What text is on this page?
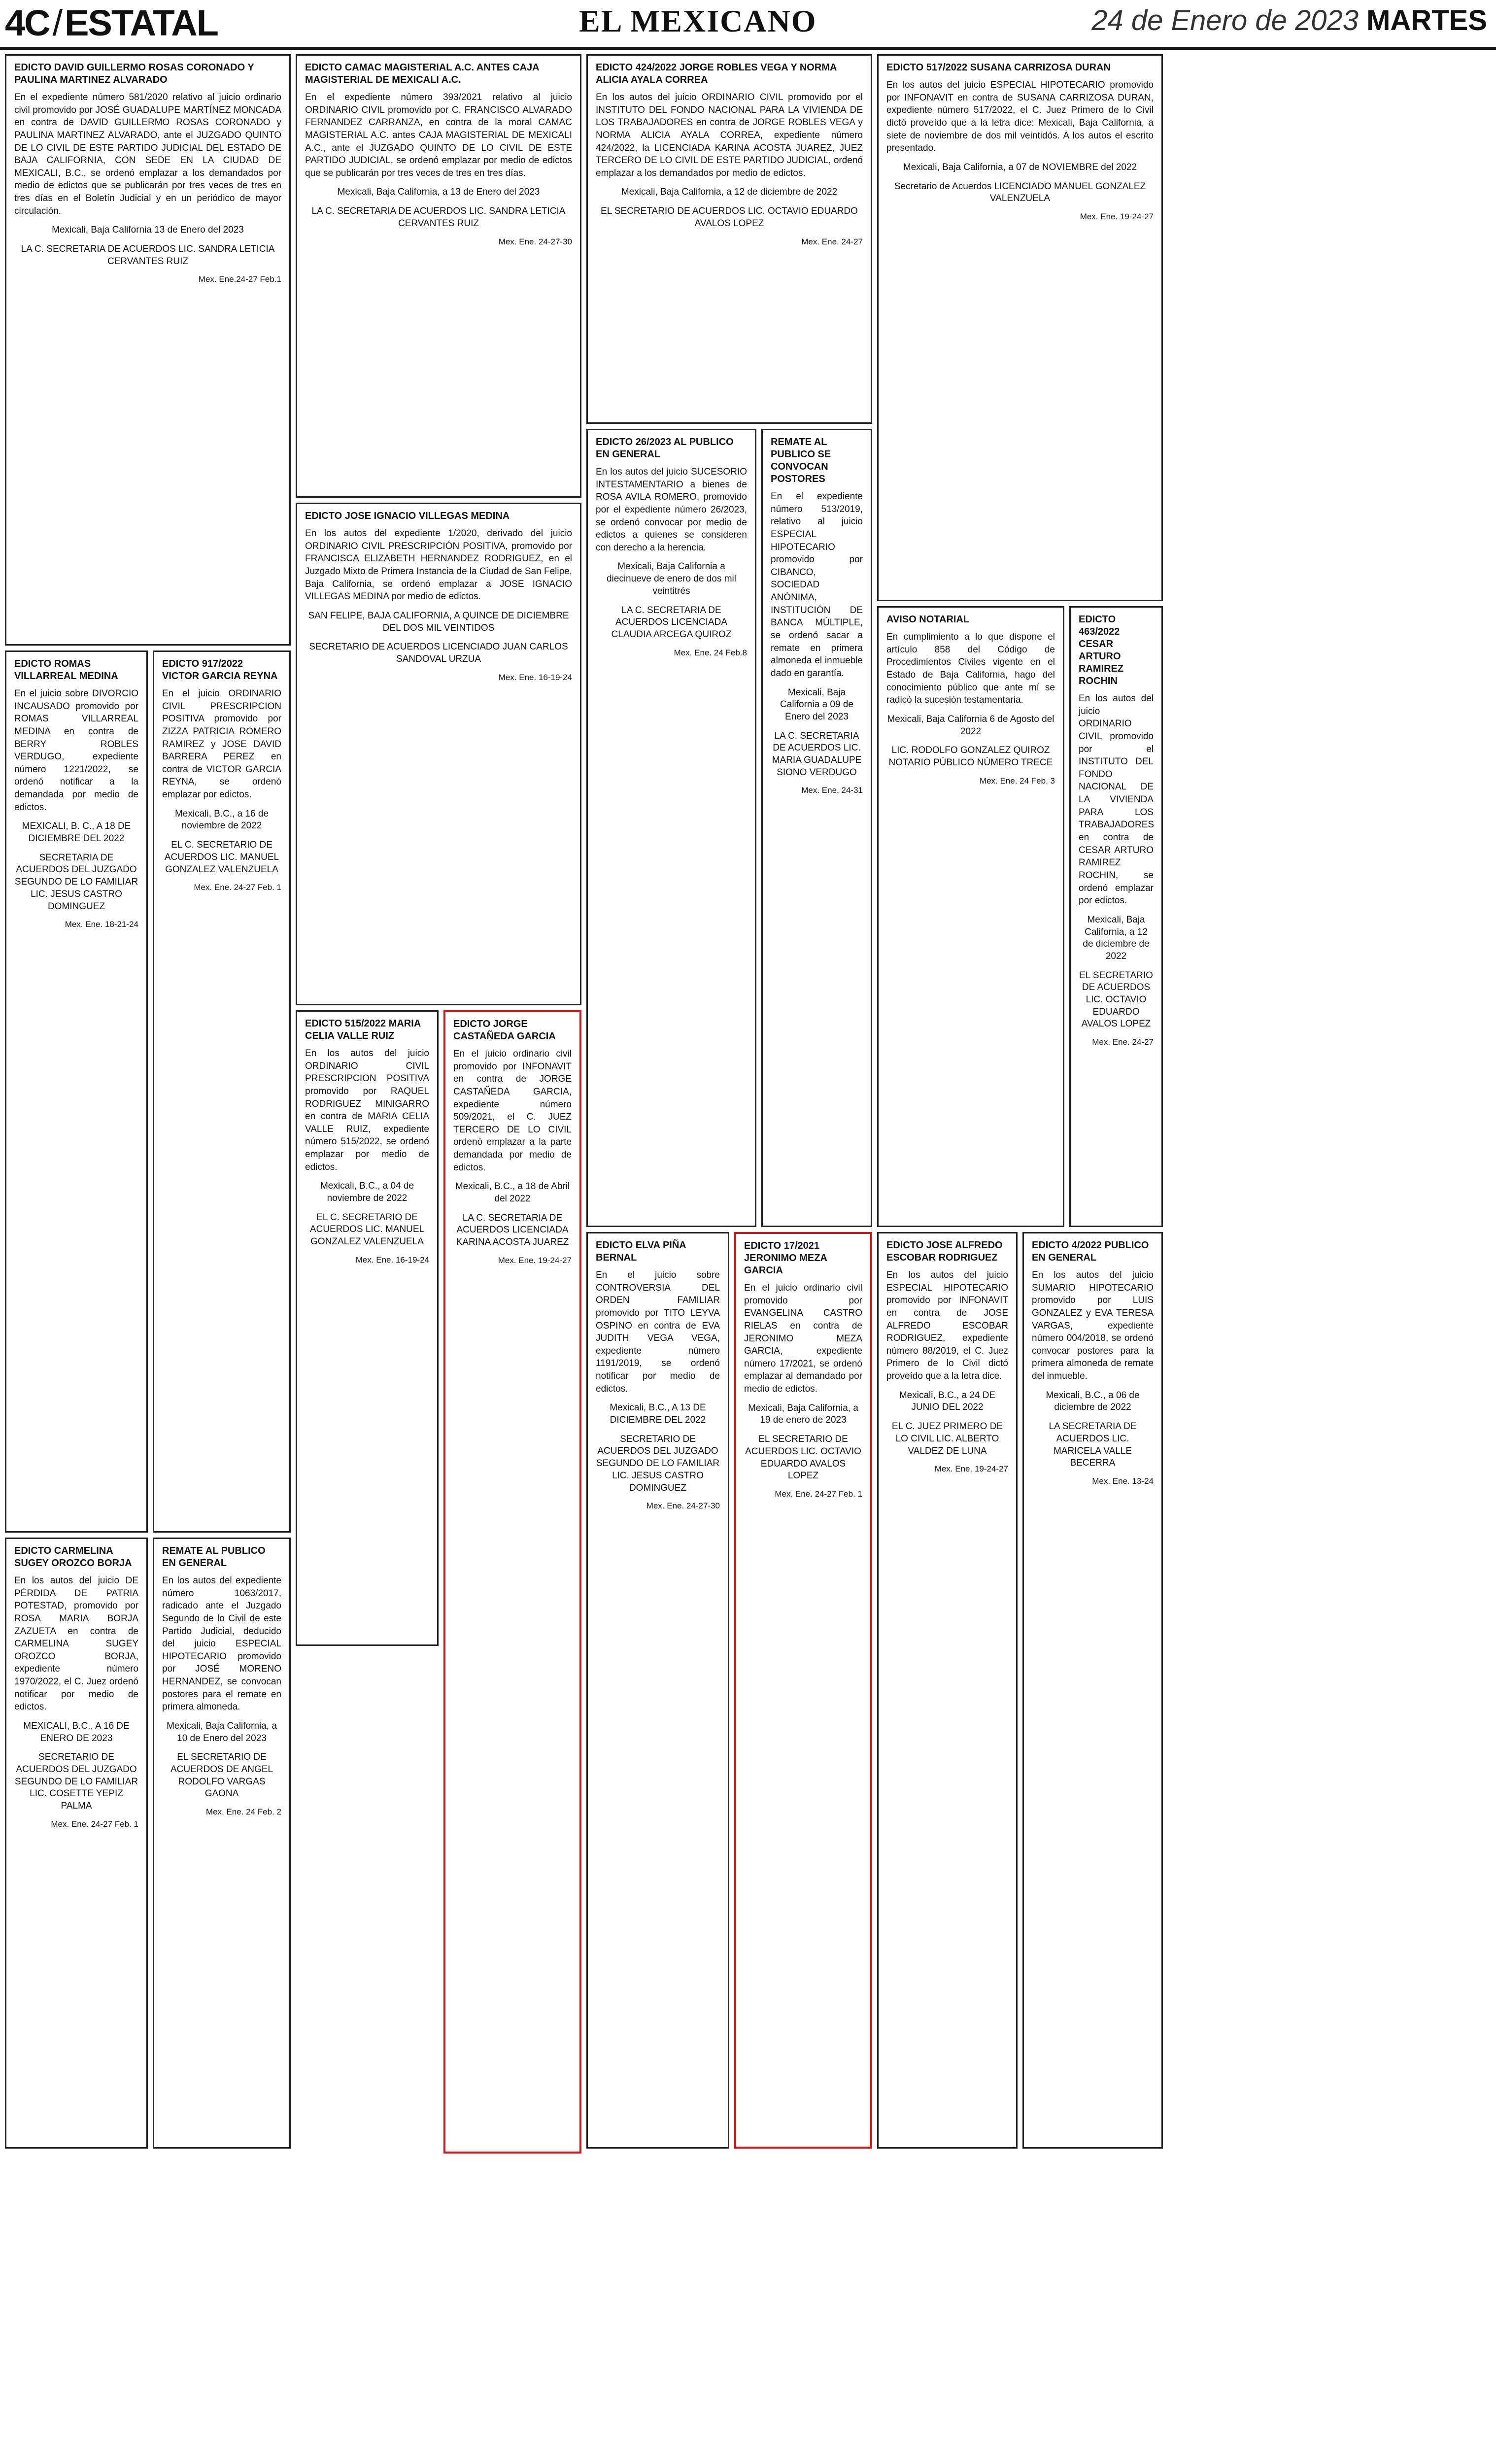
4C/ESTATAL	EL MEXICANO	24 de Enero de 2023 MARTES
EDICTO DAVID GUILLERMO ROSAS CORONADO Y PAULINA MARTINEZ ALVARADO
En el expediente número 581/2020 relativo al juicio ordinario civil promovido por JOSÉ GUADALUPE MARTÍNEZ MONCADA en contra de DAVID GUILLERMO ROSAS CORONADO y PAULINA MARTINEZ ALVARADO, ante el JUZGADO QUINTO DE LO CIVIL DE ESTE PARTIDO JUDICIAL DEL ESTADO DE BAJA CALIFORNIA, CON SEDE EN LA CIUDAD DE MEXICALI, B.C., se ordenó emplazar a los demandados por medio de edictos que se publicarán por tres veces de tres en tres días en el Boletín Judicial y en un periódico de mayor circulación.
Mexicali, Baja California 13 de Enero del 2023
LA C. SECRETARIA DE ACUERDOS LIC. SANDRA LETICIA CERVANTES RUIZ
Mex. Ene.24-27 Feb.1
EDICTO CAMAC MAGISTERIAL A.C. ANTES CAJA MAGISTERIAL DE MEXICALI A.C.
En el expediente número 393/2021 relativo al juicio ORDINARIO CIVIL promovido por C. FRANCISCO ALVARADO FERNANDEZ CARRANZA, en contra de la moral CAMAC MAGISTERIAL A.C. antes CAJA MAGISTERIAL DE MEXICALI A.C., ante el JUZGADO QUINTO DE LO CIVIL DE ESTE PARTIDO JUDICIAL, se ordenó emplazar por medio de edictos que se publicarán por tres veces de tres en tres días.
Mexicali, Baja California, a 13 de Enero del 2023
LA C. SECRETARIA DE ACUERDOS LIC. SANDRA LETICIA CERVANTES RUIZ
Mex. Ene. 24-27-30
EDICTO 424/2022 JORGE ROBLES VEGA Y NORMA ALICIA AYALA CORREA
En los autos del juicio ORDINARIO CIVIL promovido por el INSTITUTO DEL FONDO NACIONAL PARA LA VIVIENDA DE LOS TRABAJADORES en contra de JORGE ROBLES VEGA y NORMA ALICIA AYALA CORREA, expediente número 424/2022, la LICENCIADA KARINA ACOSTA JUAREZ, JUEZ TERCERO DE LO CIVIL DE ESTE PARTIDO JUDICIAL, ordenó emplazar a los demandados por medio de edictos.
Mexicali, Baja California, a 12 de diciembre de 2022
EL SECRETARIO DE ACUERDOS LIC. OCTAVIO EDUARDO AVALOS LOPEZ
Mex. Ene. 24-27
EDICTO 517/2022 SUSANA CARRIZOSA DURAN
En los autos del juicio ESPECIAL HIPOTECARIO promovido por INFONAVIT en contra de SUSANA CARRIZOSA DURAN, expediente número 517/2022, el C. Juez Primero de lo Civil dictó proveído que a la letra dice: Mexicali, Baja California, a siete de noviembre de dos mil veintidós. A los autos el escrito presentado.
Mexicali, Baja California, a 07 de NOVIEMBRE del 2022
Secretario de Acuerdos LICENCIADO MANUEL GONZALEZ VALENZUELA
Mex. Ene. 19-24-27
EDICTO JOSE IGNACIO VILLEGAS MEDINA
En los autos del expediente 1/2020, derivado del juicio ORDINARIO CIVIL PRESCRIPCIÓN POSITIVA, promovido por FRANCISCA ELIZABETH HERNANDEZ RODRIGUEZ, en el Juzgado Mixto de Primera Instancia de la Ciudad de San Felipe, Baja California, se ordenó emplazar a JOSE IGNACIO VILLEGAS MEDINA por medio de edictos.
SAN FELIPE, BAJA CALIFORNIA, A QUINCE DE DICIEMBRE DEL DOS MIL VEINTIDOS
SECRETARIO DE ACUERDOS LICENCIADO JUAN CARLOS SANDOVAL URZUA
Mex. Ene. 16-19-24
EDICTO 26/2023 AL PUBLICO EN GENERAL
En los autos del juicio SUCESORIO INTESTAMENTARIO a bienes de ROSA AVILA ROMERO, promovido por el expediente número 26/2023, se ordenó convocar por medio de edictos a quienes se consideren con derecho a la herencia.
Mexicali, Baja California a diecinueve de enero de dos mil veintitrés
LA C. SECRETARIA DE ACUERDOS LICENCIADA CLAUDIA ARCEGA QUIROZ
Mex. Ene. 24 Feb.8
REMATE AL PUBLICO SE CONVOCAN POSTORES
En el expediente número 513/2019, relativo al juicio ESPECIAL HIPOTECARIO promovido por CIBANCO, SOCIEDAD ANÓNIMA, INSTITUCIÓN DE BANCA MÚLTIPLE, se ordenó sacar a remate en primera almoneda el inmueble dado en garantía.
Mexicali, Baja California a 09 de Enero del 2023
LA C. SECRETARIA DE ACUERDOS LIC. MARIA GUADALUPE SIONO VERDUGO
Mex. Ene. 24-31
AVISO NOTARIAL
En cumplimiento a lo que dispone el artículo 858 del Código de Procedimientos Civiles vigente en el Estado de Baja California, hago del conocimiento público que ante mí se radicó la sucesión testamentaria.
Mexicali, Baja California 6 de Agosto del 2022
LIC. RODOLFO GONZALEZ QUIROZ NOTARIO PÚBLICO NÚMERO TRECE
Mex. Ene. 24 Feb. 3
EDICTO 463/2022 CESAR ARTURO RAMIREZ ROCHIN
En los autos del juicio ORDINARIO CIVIL promovido por el INSTITUTO DEL FONDO NACIONAL DE LA VIVIENDA PARA LOS TRABAJADORES en contra de CESAR ARTURO RAMIREZ ROCHIN, se ordenó emplazar por edictos.
Mexicali, Baja California, a 12 de diciembre de 2022
EL SECRETARIO DE ACUERDOS LIC. OCTAVIO EDUARDO AVALOS LOPEZ
Mex. Ene. 24-27
EDICTO ROMAS VILLARREAL MEDINA
En el juicio sobre DIVORCIO INCAUSADO promovido por ROMAS VILLARREAL MEDINA en contra de BERRY ROBLES VERDUGO, expediente número 1221/2022, se ordenó notificar a la demandada por medio de edictos.
MEXICALI, B. C., A 18 DE DICIEMBRE DEL 2022
SECRETARIA DE ACUERDOS DEL JUZGADO SEGUNDO DE LO FAMILIAR LIC. JESUS CASTRO DOMINGUEZ
Mex. Ene. 18-21-24
EDICTO 917/2022 VICTOR GARCIA REYNA
En el juicio ORDINARIO CIVIL PRESCRIPCION POSITIVA promovido por ZIZZA PATRICIA ROMERO RAMIREZ y JOSE DAVID BARRERA PEREZ en contra de VICTOR GARCIA REYNA, se ordenó emplazar por edictos.
Mexicali, B.C., a 16 de noviembre de 2022
EL C. SECRETARIO DE ACUERDOS LIC. MANUEL GONZALEZ VALENZUELA
Mex. Ene. 24-27 Feb. 1
EDICTO 515/2022 MARIA CELIA VALLE RUIZ
En los autos del juicio ORDINARIO CIVIL PRESCRIPCION POSITIVA promovido por RAQUEL RODRIGUEZ MINIGARRO en contra de MARIA CELIA VALLE RUIZ, expediente número 515/2022, se ordenó emplazar por medio de edictos.
Mexicali, B.C., a 04 de noviembre de 2022
EL C. SECRETARIO DE ACUERDOS LIC. MANUEL GONZALEZ VALENZUELA
Mex. Ene. 16-19-24
EDICTO JORGE CASTAÑEDA GARCIA
En el juicio ordinario civil promovido por INFONAVIT en contra de JORGE CASTAÑEDA GARCIA, expediente número 509/2021, el C. JUEZ TERCERO DE LO CIVIL ordenó emplazar a la parte demandada por medio de edictos.
Mexicali, B.C., a 18 de Abril del 2022
LA C. SECRETARIA DE ACUERDOS LICENCIADA KARINA ACOSTA JUAREZ
Mex. Ene. 19-24-27
EDICTO ELVA PIÑA BERNAL
En el juicio sobre CONTROVERSIA DEL ORDEN FAMILIAR promovido por TITO LEYVA OSPINO en contra de EVA JUDITH VEGA VEGA, expediente número 1191/2019, se ordenó notificar por medio de edictos.
Mexicali, B.C., A 13 DE DICIEMBRE DEL 2022
SECRETARIO DE ACUERDOS DEL JUZGADO SEGUNDO DE LO FAMILIAR LIC. JESUS CASTRO DOMINGUEZ
Mex. Ene. 24-27-30
EDICTO 17/2021 JERONIMO MEZA GARCIA
En el juicio ordinario civil promovido por EVANGELINA CASTRO RIELAS en contra de JERONIMO MEZA GARCIA, expediente número 17/2021, se ordenó emplazar al demandado por medio de edictos.
Mexicali, Baja California, a 19 de enero de 2023
EL SECRETARIO DE ACUERDOS LIC. OCTAVIO EDUARDO AVALOS LOPEZ
Mex. Ene. 24-27 Feb. 1
EDICTO JOSE ALFREDO ESCOBAR RODRIGUEZ
En los autos del juicio ESPECIAL HIPOTECARIO promovido por INFONAVIT en contra de JOSE ALFREDO ESCOBAR RODRIGUEZ, expediente número 88/2019, el C. Juez Primero de lo Civil dictó proveído que a la letra dice.
Mexicali, B.C., a 24 DE JUNIO DEL 2022
EL C. JUEZ PRIMERO DE LO CIVIL LIC. ALBERTO VALDEZ DE LUNA
Mex. Ene. 19-24-27
EDICTO 4/2022 PUBLICO EN GENERAL
En los autos del juicio SUMARIO HIPOTECARIO promovido por LUIS GONZALEZ y EVA TERESA VARGAS, expediente número 004/2018, se ordenó convocar postores para la primera almoneda de remate del inmueble.
Mexicali, B.C., a 06 de diciembre de 2022
LA SECRETARIA DE ACUERDOS LIC. MARICELA VALLE BECERRA
Mex. Ene. 13-24
EDICTO CARMELINA SUGEY OROZCO BORJA
En los autos del juicio DE PÉRDIDA DE PATRIA POTESTAD, promovido por ROSA MARIA BORJA ZAZUETA en contra de CARMELINA SUGEY OROZCO BORJA, expediente número 1970/2022, el C. Juez ordenó notificar por medio de edictos.
MEXICALI, B.C., A 16 DE ENERO DE 2023
SECRETARIO DE ACUERDOS DEL JUZGADO SEGUNDO DE LO FAMILIAR LIC. COSETTE YEPIZ PALMA
Mex. Ene. 24-27 Feb. 1
REMATE AL PUBLICO EN GENERAL
En los autos del expediente número 1063/2017, radicado ante el Juzgado Segundo de lo Civil de este Partido Judicial, deducido del juicio ESPECIAL HIPOTECARIO promovido por JOSÉ MORENO HERNANDEZ, se convocan postores para el remate en primera almoneda.
Mexicali, Baja California, a 10 de Enero del 2023
EL SECRETARIO DE ACUERDOS DE ANGEL RODOLFO VARGAS GAONA
Mex. Ene. 24 Feb. 2
